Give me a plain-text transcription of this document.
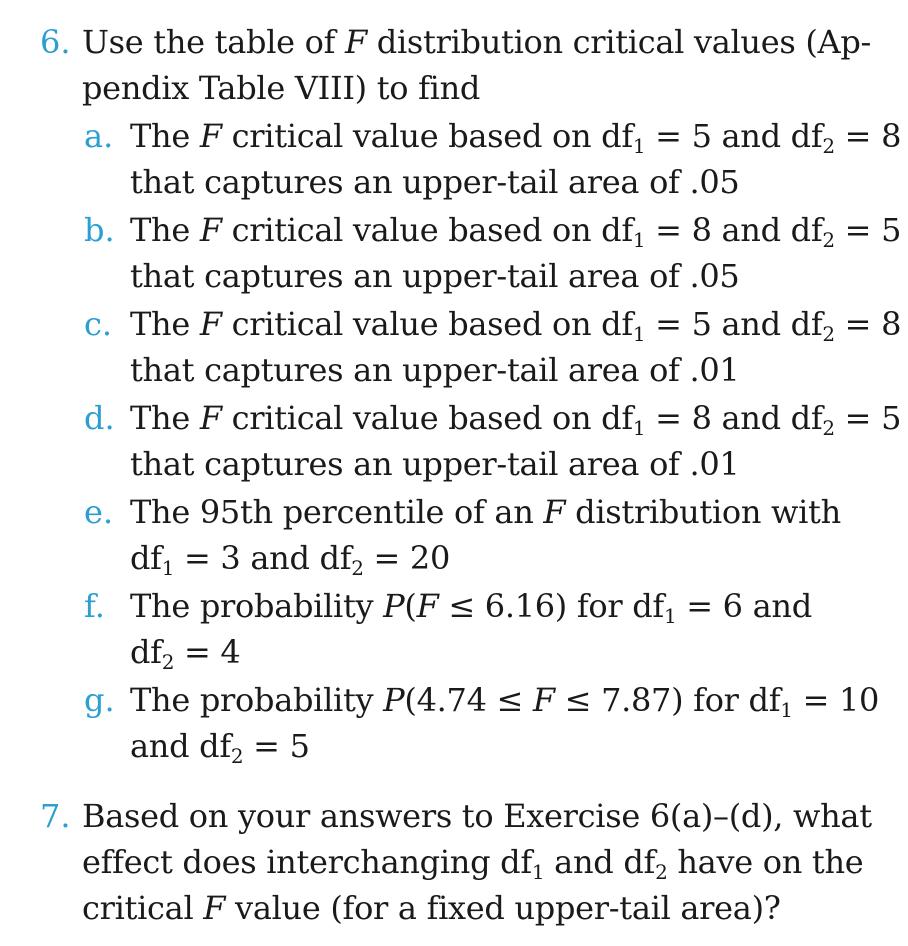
6. Use the table of F distribution critical values (Ap-
pendix Table VIII) to find
a. The F critical value based on $df_1 = 5$ and $df_2 = 8$
that captures an upper-tail area of .05
b. The F critical value based on $df_1 = 8$ and $df_2 = 5$
that captures an upper-tail area of .05
c. The F critical value based on $df_1 = 5$ and $df_2 = 8$
that captures an upper-tail area of .01
d. The F critical value based on $df_1 = 8$ and $df_2 = 5$
that captures an upper-tail area of .01
e. The 95th percentile of an F distribution with
$df_1 = 3$ and $df_2 = 20$
f. The probability P(F ≤ 6.16) for $df_1 = 6$ and
$df_2 = 4$
g. The probability P(4.74 ≤ F ≤ 7.87) for $df_1 = 10$
and $df_2 = 5$
7. Based on your answers to Exercise 6(a)–(d), what
effect does interchanging $df_1$ and $df_2$ have on the
critical F value (for a fixed upper-tail area)?
